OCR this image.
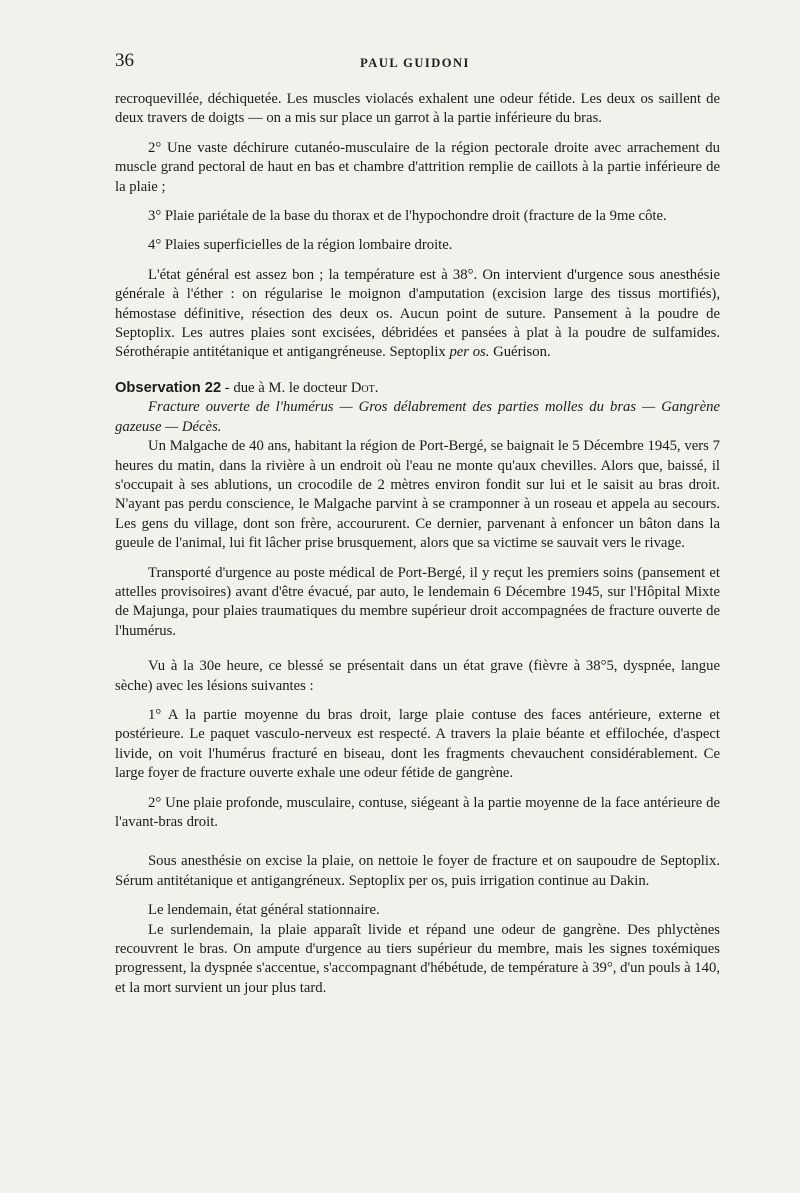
36	PAUL GUIDONI

recroquevillée, déchiquetée. Les muscles violacés exhalent une odeur fétide. Les deux os saillent de deux travers de doigts — on a mis sur place un garrot à la partie inférieure du bras.

2° Une vaste déchirure cutanéo-musculaire de la région pectorale droite avec arrachement du muscle grand pectoral de haut en bas et chambre d'attrition remplie de caillots à la partie inférieure de la plaie ;

3° Plaie pariétale de la base du thorax et de l'hypochondre droit (fracture de la 9me côte.

4° Plaies superficielles de la région lombaire droite.

L'état général est assez bon ; la température est à 38°. On intervient d'urgence sous anesthésie générale à l'éther : on régularise le moignon d'amputation (excision large des tissus mortifiés), hémostase définitive, résection des deux os. Aucun point de suture. Pansement à la poudre de Septoplix. Les autres plaies sont excisées, débridées et pansées à plat à la poudre de sulfamides. Sérothérapie antitétanique et antigangréneuse. Septoplix per os. Guérison.

Observation 22 - due à M. le docteur Dot.

Fracture ouverte de l'humérus — Gros délabrement des parties molles du bras — Gangrène gazeuse — Décès.

Un Malgache de 40 ans, habitant la région de Port-Bergé, se baignait le 5 Décembre 1945, vers 7 heures du matin, dans la rivière à un endroit où l'eau ne monte qu'aux chevilles. Alors que, baissé, il s'occupait à ses ablutions, un crocodile de 2 mètres environ fondit sur lui et le saisit au bras droit. N'ayant pas perdu conscience, le Malgache parvint à se cramponner à un roseau et appela au secours. Les gens du village, dont son frère, accoururent. Ce dernier, parvenant à enfoncer un bâton dans la gueule de l'animal, lui fit lâcher prise brusquement, alors que sa victime se sauvait vers le rivage.

Transporté d'urgence au poste médical de Port-Bergé, il y reçut les premiers soins (pansement et attelles provisoires) avant d'être évacué, par auto, le lendemain 6 Décembre 1945, sur l'Hôpital Mixte de Majunga, pour plaies traumatiques du membre supérieur droit accompagnées de fracture ouverte de l'humérus.

Vu à la 30e heure, ce blessé se présentait dans un état grave (fièvre à 38°5, dyspnée, langue sèche) avec les lésions suivantes :

1° A la partie moyenne du bras droit, large plaie contuse des faces antérieure, externe et postérieure. Le paquet vasculo-nerveux est respecté. A travers la plaie béante et effilochée, d'aspect livide, on voit l'humérus fracturé en biseau, dont les fragments chevauchent considérablement. Ce large foyer de fracture ouverte exhale une odeur fétide de gangrène.

2° Une plaie profonde, musculaire, contuse, siégeant à la partie moyenne de la face antérieure de l'avant-bras droit.

Sous anesthésie on excise la plaie, on nettoie le foyer de fracture et on saupoudre de Septoplix. Sérum antitétanique et antigangréneux. Septoplix per os, puis irrigation continue au Dakin.

Le lendemain, état général stationnaire.

Le surlendemain, la plaie apparaît livide et répand une odeur de gangrène. Des phlyctènes recouvrent le bras. On ampute d'urgence au tiers supérieur du membre, mais les signes toxémiques progressent, la dyspnée s'accentue, s'accompagnant d'hébétude, de température à 39°, d'un pouls à 140, et la mort survient un jour plus tard.
